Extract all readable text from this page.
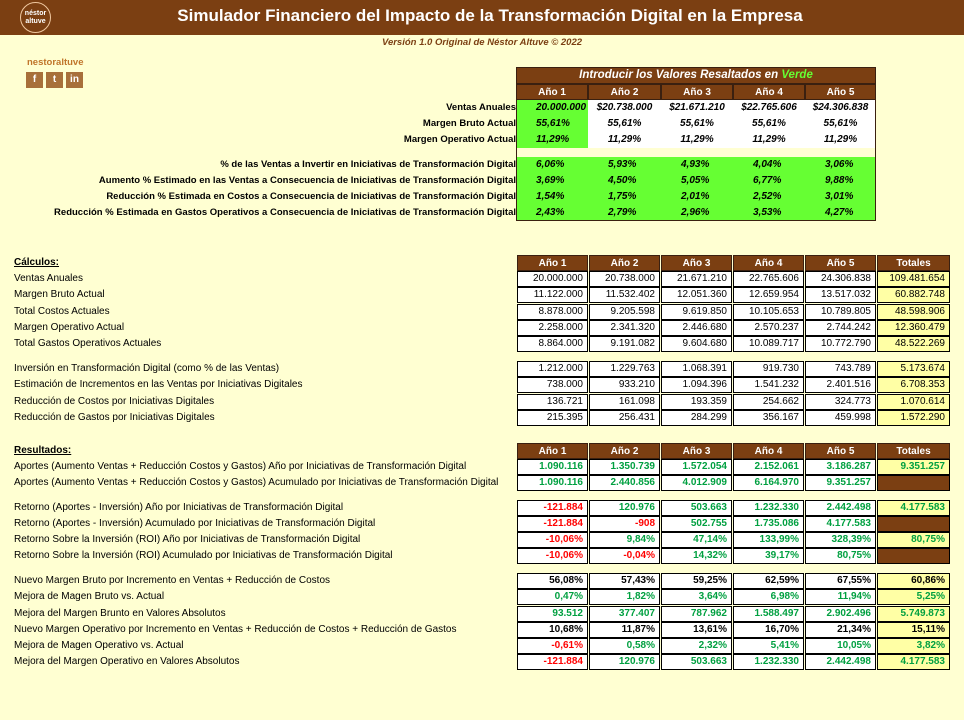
néstor altuve	Simulador Financiero del Impacto de la Transformación Digital en la Empresa
Versión 1.0 Original de Néstor Altuve © 2022
nestoraltuve
f	t	in	Introducir los Valores Resaltados en Verde
Año 1	Año 2	Año 3	Año 4	Año 5
Ventas Anuales	20.000.000	$20.738.000	$21.671.210	$22.765.606	$24.306.838
Margen Bruto Actual	55,61%	55,61%	55,61%	55,61%	55,61%
Margen Operativo Actual	11,29%	11,29%	11,29%	11,29%	11,29%
% de las Ventas a Invertir en Iniciativas de Transformación Digital	6,06%	5,93%	4,93%	4,04%	3,06%
Aumento % Estimado en las Ventas a Consecuencia de Iniciativas de Transformación Digital	3,69%	4,50%	5,05%	6,77%	9,88%
Reducción % Estimada en Costos a Consecuencia de Iniciativas de Transformación Digital	1,54%	1,75%	2,01%	2,52%	3,01%
Reducción % Estimada en Gastos Operativos a Consecuencia de Iniciativas de Transformación Digital	2,43%	2,79%	2,96%	3,53%	4,27%
Cálculos:	Año 1	Año 2	Año 3	Año 4	Año 5	Totales
Ventas Anuales	20.000.000	20.738.000	21.671.210	22.765.606	24.306.838	109.481.654
Margen Bruto Actual	11.122.000	11.532.402	12.051.360	12.659.954	13.517.032	60.882.748
Total Costos Actuales	8.878.000	9.205.598	9.619.850	10.105.653	10.789.805	48.598.906
Margen Operativo Actual	2.258.000	2.341.320	2.446.680	2.570.237	2.744.242	12.360.479
Total Gastos Operativos Actuales	8.864.000	9.191.082	9.604.680	10.089.717	10.772.790	48.522.269
Inversión en Transformación Digital (como % de las Ventas)	1.212.000	1.229.763	1.068.391	919.730	743.789	5.173.674
Estimación de Incrementos en las Ventas por Iniciativas Digitales	738.000	933.210	1.094.396	1.541.232	2.401.516	6.708.353
Reducción de Costos por Iniciativas Digitales	136.721	161.098	193.359	254.662	324.773	1.070.614
Reducción de Gastos por Iniciativas Digitales	215.395	256.431	284.299	356.167	459.998	1.572.290
Resultados:	Año 1	Año 2	Año 3	Año 4	Año 5	Totales
Aportes (Aumento Ventas + Reducción Costos y Gastos) Año por Iniciativas de Transformación Digital	1.090.116	1.350.739	1.572.054	2.152.061	3.186.287	9.351.257
Aportes (Aumento Ventas + Reducción Costos y Gastos) Acumulado por Iniciativas de Transformación Digital	1.090.116	2.440.856	4.012.909	6.164.970	9.351.257
Retorno (Aportes - Inversión) Año por Iniciativas de Transformación Digital	-121.884	120.976	503.663	1.232.330	2.442.498	4.177.583
Retorno (Aportes - Inversión) Acumulado por Iniciativas de Transformación Digital	-121.884	-908	502.755	1.735.086	4.177.583
Retorno Sobre la Inversión (ROI) Año por Iniciativas de Transformación Digital	-10,06%	9,84%	47,14%	133,99%	328,39%	80,75%
Retorno Sobre la Inversión (ROI) Acumulado por Iniciativas de Transformación Digital	-10,06%	-0,04%	14,32%	39,17%	80,75%
Nuevo Margen Bruto por Incremento en Ventas + Reducción de Costos	56,08%	57,43%	59,25%	62,59%	67,55%	60,86%
Mejora de Magen Bruto vs. Actual	0,47%	1,82%	3,64%	6,98%	11,94%	5,25%
Mejora del Margen Brunto en Valores Absolutos	93.512	377.407	787.962	1.588.497	2.902.496	5.749.873
Nuevo Margen Operativo por Incremento en Ventas + Reducción de Costos + Reducción de Gastos	10,68%	11,87%	13,61%	16,70%	21,34%	15,11%
Mejora de Magen Operativo vs. Actual	-0,61%	0,58%	2,32%	5,41%	10,05%	3,82%
Mejora del Margen Operativo en Valores Absolutos	-121.884	120.976	503.663	1.232.330	2.442.498	4.177.583
